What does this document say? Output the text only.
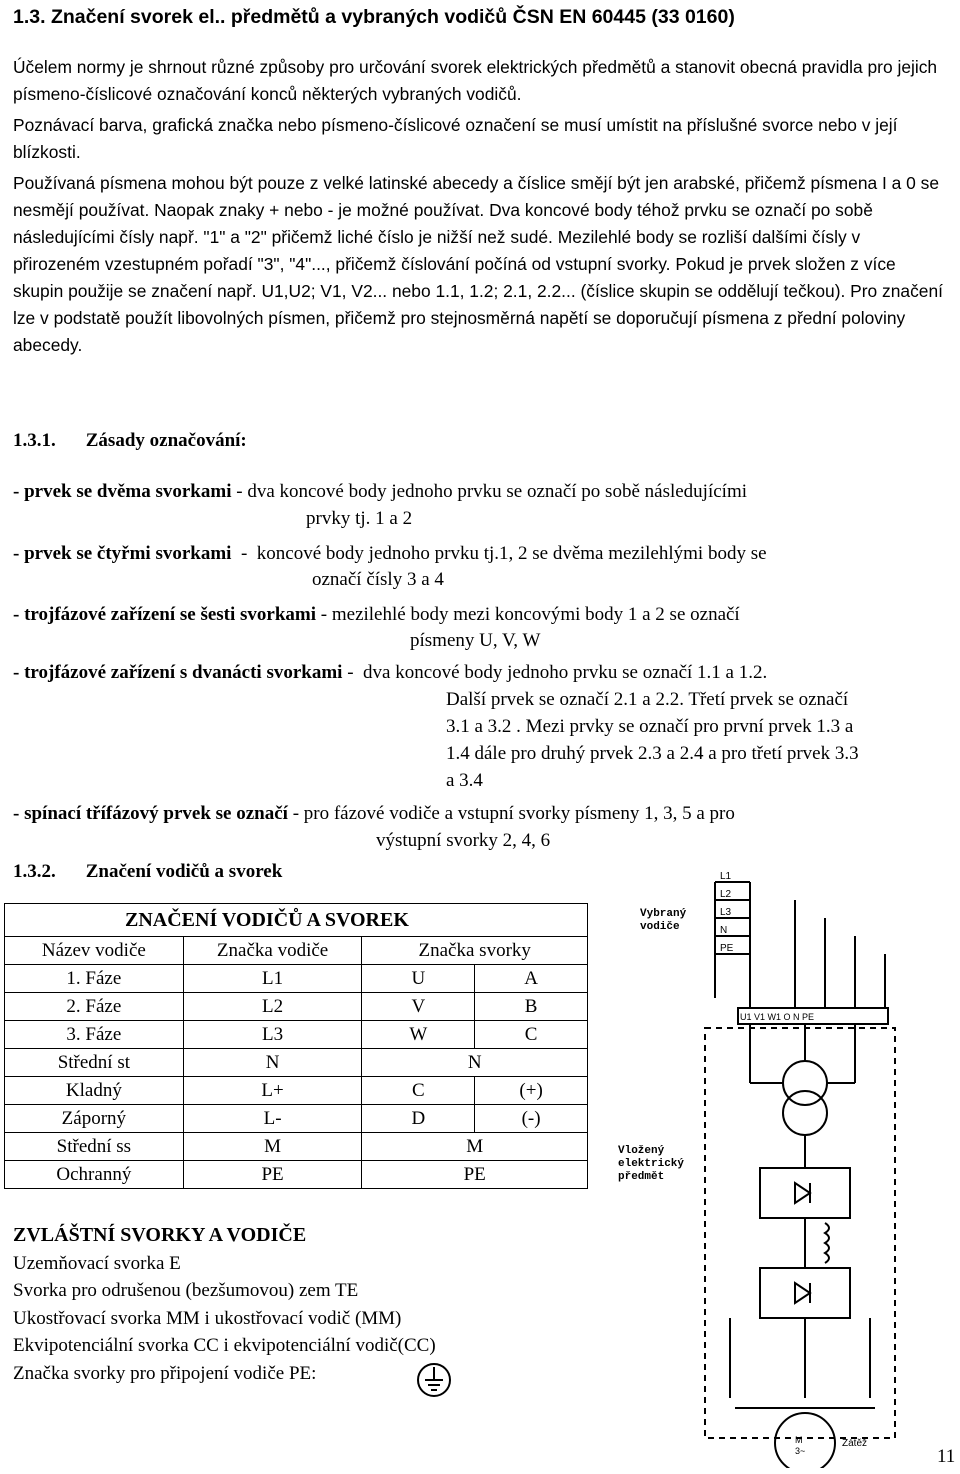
1.3. Značení svorek el.. předmětů a vybraných vodičů ČSN EN 60445 (33 0160)

Účelem normy je shrnout různé způsoby pro určování svorek elektrických předmětů a stanovit obecná pravidla pro jejich písmeno-číslicové označování konců některých vybraných vodičů.

Poznávací barva, grafická značka nebo písmeno-číslicové označení se musí umístit na příslušné svorce nebo v její blízkosti.

Používaná písmena mohou být pouze z velké latinské abecedy a číslice smějí být jen arabské, přičemž písmena I a 0 se nesmějí používat. Naopak znaky + nebo - je možné používat. Dva koncové body téhož prvku se označí po sobě následujícími čísly např. "1" a "2" přičemž liché číslo je nižší než sudé. Mezilehlé body se rozliší dalšími čísly v přirozeném vzestupném pořadí "3", "4"..., přičemž číslování počíná od vstupní svorky. Pokud je prvek složen z více skupin použije se značení např. U1,U2; V1, V2... nebo 1.1, 1.2; 2.1, 2.2... (číslice skupin se oddělují tečkou). Pro značení lze v podstatě použít libovolných písmen, přičemž pro stejnosměrná napětí se doporučují písmena z přední poloviny abecedy.

1.3.1. Zásady označování:
- prvek se dvěma svorkami - dva koncové body jednoho prvku se označí po sobě následujícími
prvky tj. 1 a 2
- prvek se čtyřmi svorkami  -  koncové body jednoho prvku tj.1, 2 se dvěma mezilehlými body se
označí čísly 3 a 4
- trojfázové zařízení se šesti svorkami - mezilehlé body mezi koncovými body 1 a 2 se označí
písmeny U, V, W
- trojfázové zařízení s dvanácti svorkami -  dva koncové body jednoho prvku se označí 1.1 a 1.2.
Další prvek se označí 2.1 a 2.2. Třetí prvek se označí
3.1 a 3.2 . Mezi prvky se označí pro první prvek 1.3 a
1.4 dále pro druhý prvek 2.3 a 2.4 a pro třetí prvek 3.3
a 3.4
- spínací třífázový prvek se označí - pro fázové vodiče a vstupní svorky písmeny 1, 3, 5 a pro
výstupní svorky 2, 4, 6
1.3.2. Značení vodičů a svorek
ZNAČENÍ VODIČŮ A SVOREK			
Název vodiče	Značka vodiče	Značka svorky	
1. Fáze	L1	U	A
2. Fáze	L2	V	B
3. Fáze	L3	W	C
Střední st	N	N	
Kladný	L+	C	(+)
Záporný	L-	D	(-)
Střední ss	M	M	
Ochranný	PE	PE	
ZVLÁŠTNÍ SVORKY A VODIČE
Uzemňovací svorka E
Svorka pro odrušenou (bezšumovou) zem TE
Ukostřovací svorka MM i ukostřovací vodič (MM)
Ekvipotenciální svorka CC i ekvipotenciální vodič(CC)
Značka svorky pro připojení vodiče PE:
L1
L2
L3
N
PE
U1 V1 W1 O N PE
M
3~
Zátěž
Vybraný
vodiče
Vložený
elektrický
předmět
11
